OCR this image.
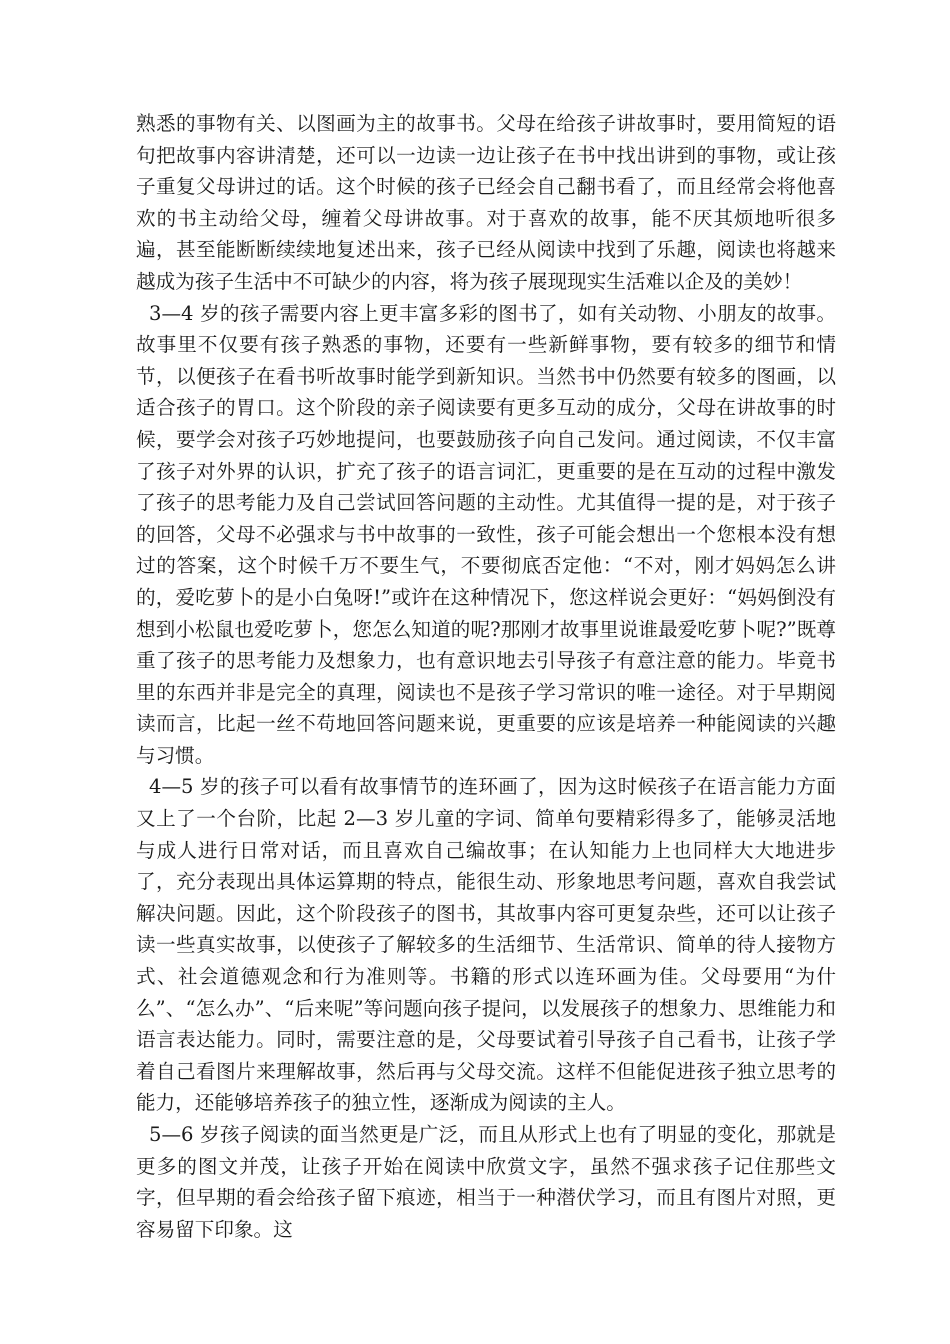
熟悉的事物有关、以图画为主的故事书。父母在给孩子讲故事时，要用简短的语句把故事内容讲清楚，还可以一边读一边让孩子在书中找出讲到的事物，或让孩子重复父母讲过的话。这个时候的孩子已经会自己翻书看了，而且经常会将他喜欢的书主动给父母，缠着父母讲故事。对于喜欢的故事，能不厌其烦地听很多遍，甚至能断断续续地复述出来，孩子已经从阅读中找到了乐趣，阅读也将越来越成为孩子生活中不可缺少的内容，将为孩子展现现实生活难以企及的美妙！

3—4 岁的孩子需要内容上更丰富多彩的图书了，如有关动物、小朋友的故事。故事里不仅要有孩子熟悉的事物，还要有一些新鲜事物，要有较多的细节和情节，以便孩子在看书听故事时能学到新知识。当然书中仍然要有较多的图画，以适合孩子的胃口。这个阶段的亲子阅读要有更多互动的成分，父母在讲故事的时候，要学会对孩子巧妙地提问，也要鼓励孩子向自己发问。通过阅读，不仅丰富了孩子对外界的认识，扩充了孩子的语言词汇，更重要的是在互动的过程中激发了孩子的思考能力及自己尝试回答问题的主动性。尤其值得一提的是，对于孩子的回答，父母不必强求与书中故事的一致性，孩子可能会想出一个您根本没有想过的答案，这个时候千万不要生气，不要彻底否定他：“不对，刚才妈妈怎么讲的，爱吃萝卜的是小白兔呀!”或许在这种情况下，您这样说会更好：“妈妈倒没有想到小松鼠也爱吃萝卜，您怎么知道的呢?那刚才故事里说谁最爱吃萝卜呢?”既尊重了孩子的思考能力及想象力，也有意识地去引导孩子有意注意的能力。毕竟书里的东西并非是完全的真理，阅读也不是孩子学习常识的唯一途径。对于早期阅读而言，比起一丝不苟地回答问题来说，更重要的应该是培养一种能阅读的兴趣与习惯。

4—5 岁的孩子可以看有故事情节的连环画了，因为这时候孩子在语言能力方面又上了一个台阶，比起 2—3 岁儿童的字词、简单句要精彩得多了，能够灵活地与成人进行日常对话，而且喜欢自己编故事；在认知能力上也同样大大地进步了，充分表现出具体运算期的特点，能很生动、形象地思考问题，喜欢自我尝试解决问题。因此，这个阶段孩子的图书，其故事内容可更复杂些，还可以让孩子读一些真实故事，以使孩子了解较多的生活细节、生活常识、简单的待人接物方式、社会道德观念和行为准则等。书籍的形式以连环画为佳。父母要用“为什么”、“怎么办”、“后来呢”等问题向孩子提问，以发展孩子的想象力、思维能力和语言表达能力。同时，需要注意的是，父母要试着引导孩子自己看书，让孩子学着自己看图片来理解故事，然后再与父母交流。这样不但能促进孩子独立思考的能力，还能够培养孩子的独立性，逐渐成为阅读的主人。

5—6 岁孩子阅读的面当然更是广泛，而且从形式上也有了明显的变化，那就是更多的图文并茂，让孩子开始在阅读中欣赏文字，虽然不强求孩子记住那些文字，但早期的看会给孩子留下痕迹，相当于一种潜伏学习，而且有图片对照，更容易留下印象。这
